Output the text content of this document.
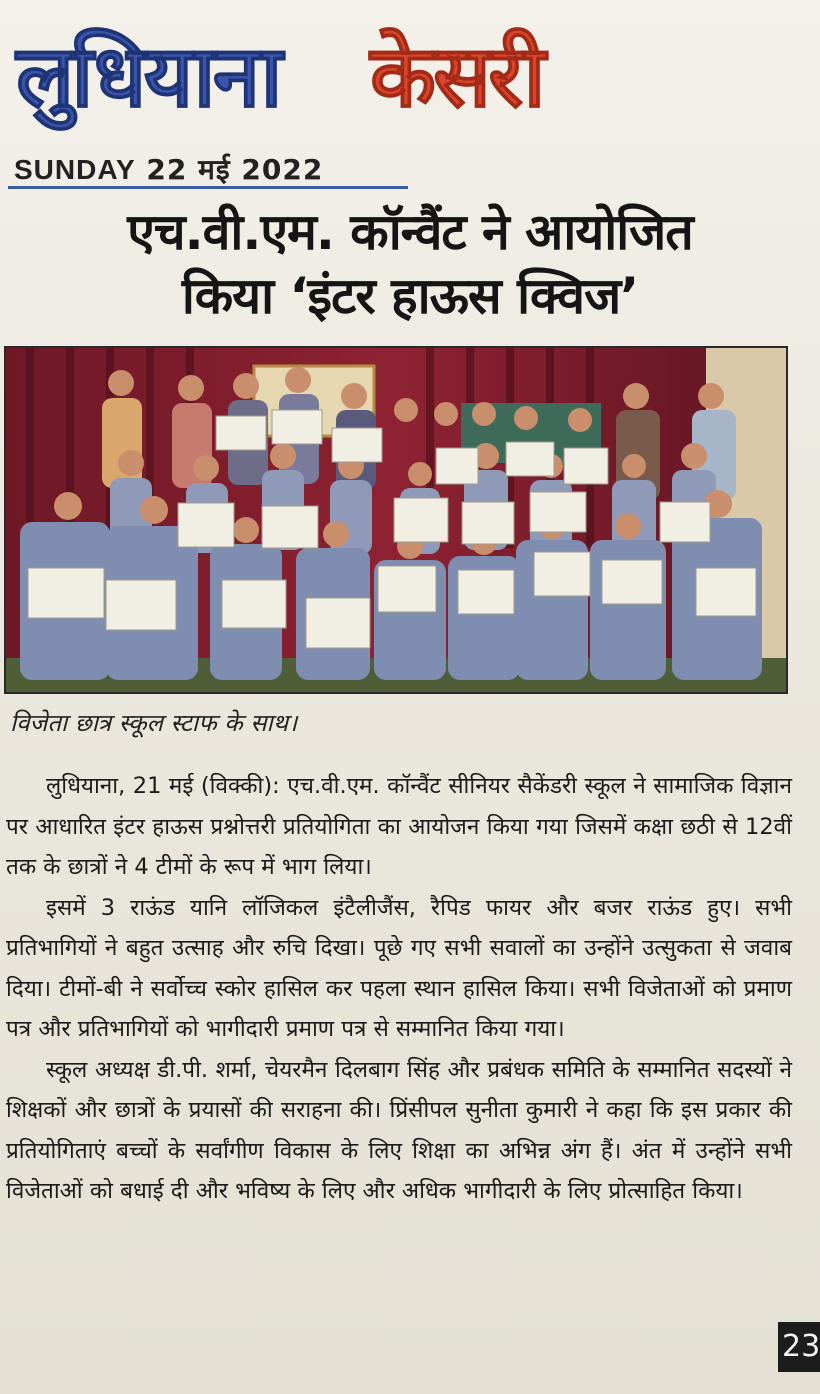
लुधियाना केसरी
SUNDAY 22 मई 2022
एच.वी.एम. कॉन्वैंट ने आयोजित
किया ‘इंटर हाऊस क्विज’
विजेता छात्र स्कूल स्टाफ के साथ।

लुधियाना, 21 मई (विक्की): एच.वी.एम. कॉन्वैंट सीनियर सैकेंडरी स्कूल ने सामाजिक विज्ञान पर आधारित इंटर हाऊस प्रश्नोत्तरी प्रतियोगिता का आयोजन किया गया जिसमें कक्षा छठी से 12वीं तक के छात्रों ने 4 टीमों के रूप में भाग लिया।

इसमें 3 राऊंड यानि लॉजिकल इंटैलीजैंस, रैपिड फायर और बजर राऊंड हुए। सभी प्रतिभागियों ने बहुत उत्साह और रुचि दिखा। पूछे गए सभी सवालों का उन्होंने उत्सुकता से जवाब दिया। टीमों-बी ने सर्वोच्च स्कोर हासिल कर पहला स्थान हासिल किया। सभी विजेताओं को प्रमाण पत्र और प्रतिभागियों को भागीदारी प्रमाण पत्र से सम्मानित किया गया।

स्कूल अध्यक्ष डी.पी. शर्मा, चेयरमैन दिलबाग सिंह और प्रबंधक समिति के सम्मानित सदस्यों ने शिक्षकों और छात्रों के प्रयासों की सराहना की। प्रिंसीपल सुनीता कुमारी ने कहा कि इस प्रकार की प्रतियोगिताएं बच्चों के सर्वांगीण विकास के लिए शिक्षा का अभिन्न अंग हैं। अंत में उन्होंने सभी विजेताओं को बधाई दी और भविष्य के लिए और अधिक भागीदारी के लिए प्रोत्साहित किया।

23
